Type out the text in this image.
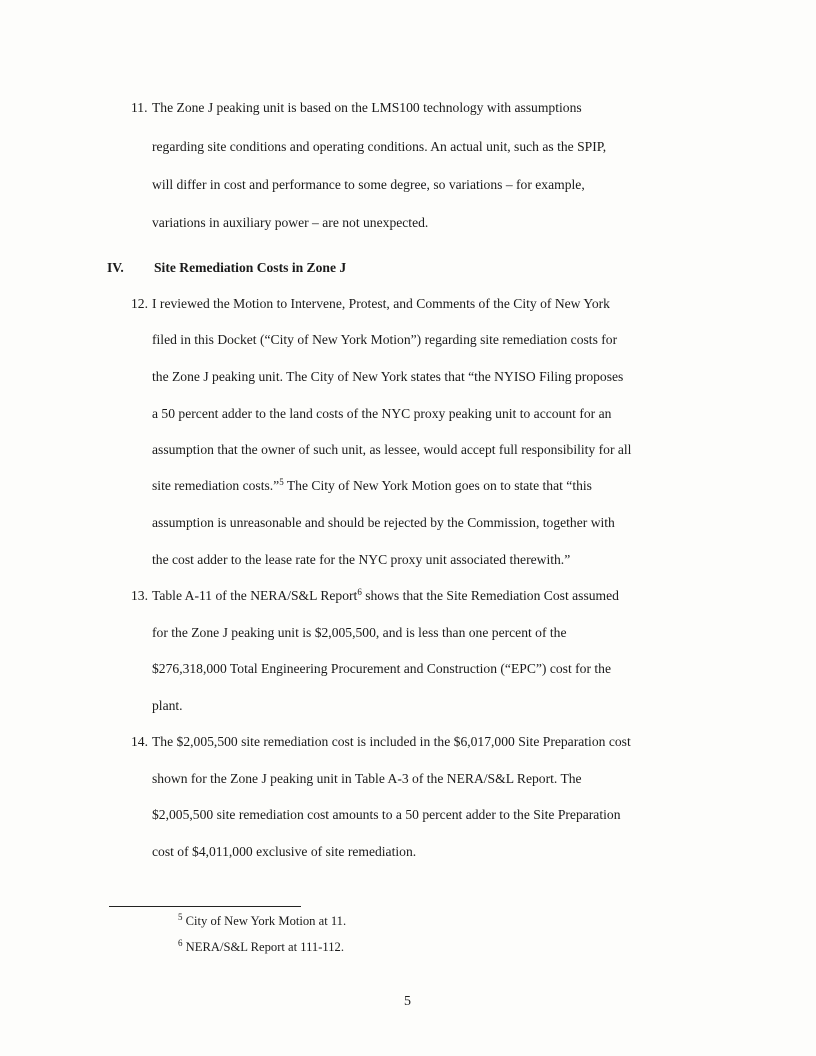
11. The Zone J peaking unit is based on the LMS100 technology with assumptions
regarding site conditions and operating conditions. An actual unit, such as the SPIP,
will differ in cost and performance to some degree, so variations – for example,
variations in auxiliary power – are not unexpected.
IV. Site Remediation Costs in Zone J
12. I reviewed the Motion to Intervene, Protest, and Comments of the City of New York
filed in this Docket (“City of New York Motion”) regarding site remediation costs for
the Zone J peaking unit. The City of New York states that “the NYISO Filing proposes
a 50 percent adder to the land costs of the NYC proxy peaking unit to account for an
assumption that the owner of such unit, as lessee, would accept full responsibility for all
site remediation costs.”$^5$ The City of New York Motion goes on to state that “this
assumption is unreasonable and should be rejected by the Commission, together with
the cost adder to the lease rate for the NYC proxy unit associated therewith.”
13. Table A-11 of the NERA/S&L Report$^6$ shows that the Site Remediation Cost assumed
for the Zone J peaking unit is $2,005,500, and is less than one percent of the
$276,318,000 Total Engineering Procurement and Construction (“EPC”) cost for the
plant.
14. The $2,005,500 site remediation cost is included in the $6,017,000 Site Preparation cost
shown for the Zone J peaking unit in Table A-3 of the NERA/S&L Report. The
$2,005,500 site remediation cost amounts to a 50 percent adder to the Site Preparation
cost of $4,011,000 exclusive of site remediation.
$^5$ City of New York Motion at 11.
$^6$ NERA/S&L Report at 111-112.
5
